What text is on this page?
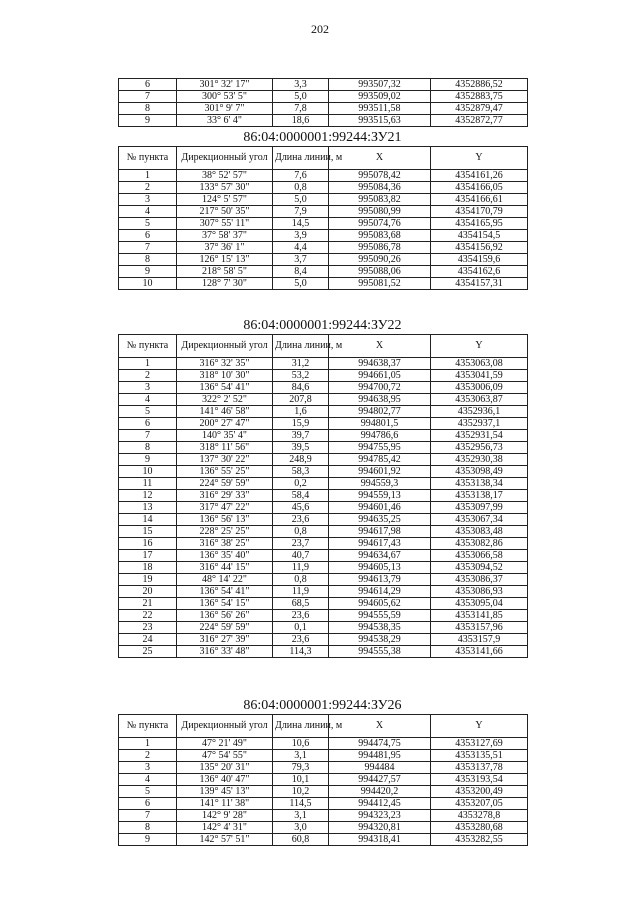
202
6	301° 32' 17"	3,3	993507,32	4352886,52
7	300° 53' 5"	5,0	993509,02	4352883,75
8	301° 9' 7"	7,8	993511,58	4352879,47
9	33° 6' 4"	18,6	993515,63	4352872,77
86:04:0000001:99244:ЗУ21
№ пункта	Дирекционный угол	Длина линии, м	X	Y
1	38° 52' 57"	7,6	995078,42	4354161,26
2	133° 57' 30"	0,8	995084,36	4354166,05
3	124° 5' 57"	5,0	995083,82	4354166,61
4	217° 50' 35"	7,9	995080,99	4354170,79
5	307° 55' 11"	14,5	995074,76	4354165,95
6	37° 58' 37"	3,9	995083,68	4354154,5
7	37° 36' 1"	4,4	995086,78	4354156,92
8	126° 15' 13"	3,7	995090,26	4354159,6
9	218° 58' 5"	8,4	995088,06	4354162,6
10	128° 7' 30"	5,0	995081,52	4354157,31
86:04:0000001:99244:ЗУ22
№ пункта	Дирекционный угол	Длина линии, м	X	Y
1	316° 32' 35"	31,2	994638,37	4353063,08
2	318° 10' 30"	53,2	994661,05	4353041,59
3	136° 54' 41"	84,6	994700,72	4353006,09
4	322° 2' 52"	207,8	994638,95	4353063,87
5	141° 46' 58"	1,6	994802,77	4352936,1
6	200° 27' 47"	15,9	994801,5	4352937,1
7	140° 35' 4"	39,7	994786,6	4352931,54
8	318° 11' 56"	39,5	994755,95	4352956,73
9	137° 30' 22"	248,9	994785,42	4352930,38
10	136° 55' 25"	58,3	994601,92	4353098,49
11	224° 59' 59"	0,2	994559,3	4353138,34
12	316° 29' 33"	58,4	994559,13	4353138,17
13	317° 47' 22"	45,6	994601,46	4353097,99
14	136° 56' 13"	23,6	994635,25	4353067,34
15	228° 25' 25"	0,8	994617,98	4353083,48
16	316° 38' 25"	23,7	994617,43	4353082,86
17	136° 35' 40"	40,7	994634,67	4353066,58
18	316° 44' 15"	11,9	994605,13	4353094,52
19	48° 14' 22"	0,8	994613,79	4353086,37
20	136° 54' 41"	11,9	994614,29	4353086,93
21	136° 54' 15"	68,5	994605,62	4353095,04
22	136° 56' 26"	23,6	994555,59	4353141,85
23	224° 59' 59"	0,1	994538,35	4353157,96
24	316° 27' 39"	23,6	994538,29	4353157,9
25	316° 33' 48"	114,3	994555,38	4353141,66
86:04:0000001:99244:ЗУ26
№ пункта	Дирекционный угол	Длина линии, м	X	Y
1	47° 21' 49"	10,6	994474,75	4353127,69
2	47° 54' 55"	3,1	994481,95	4353135,51
3	135° 20' 31"	79,3	994484	4353137,78
4	136° 40' 47"	10,1	994427,57	4353193,54
5	139° 45' 13"	10,2	994420,2	4353200,49
6	141° 11' 38"	114,5	994412,45	4353207,05
7	142° 9' 28"	3,1	994323,23	4353278,8
8	142° 4' 31"	3,0	994320,81	4353280,68
9	142° 57' 51"	60,8	994318,41	4353282,55
